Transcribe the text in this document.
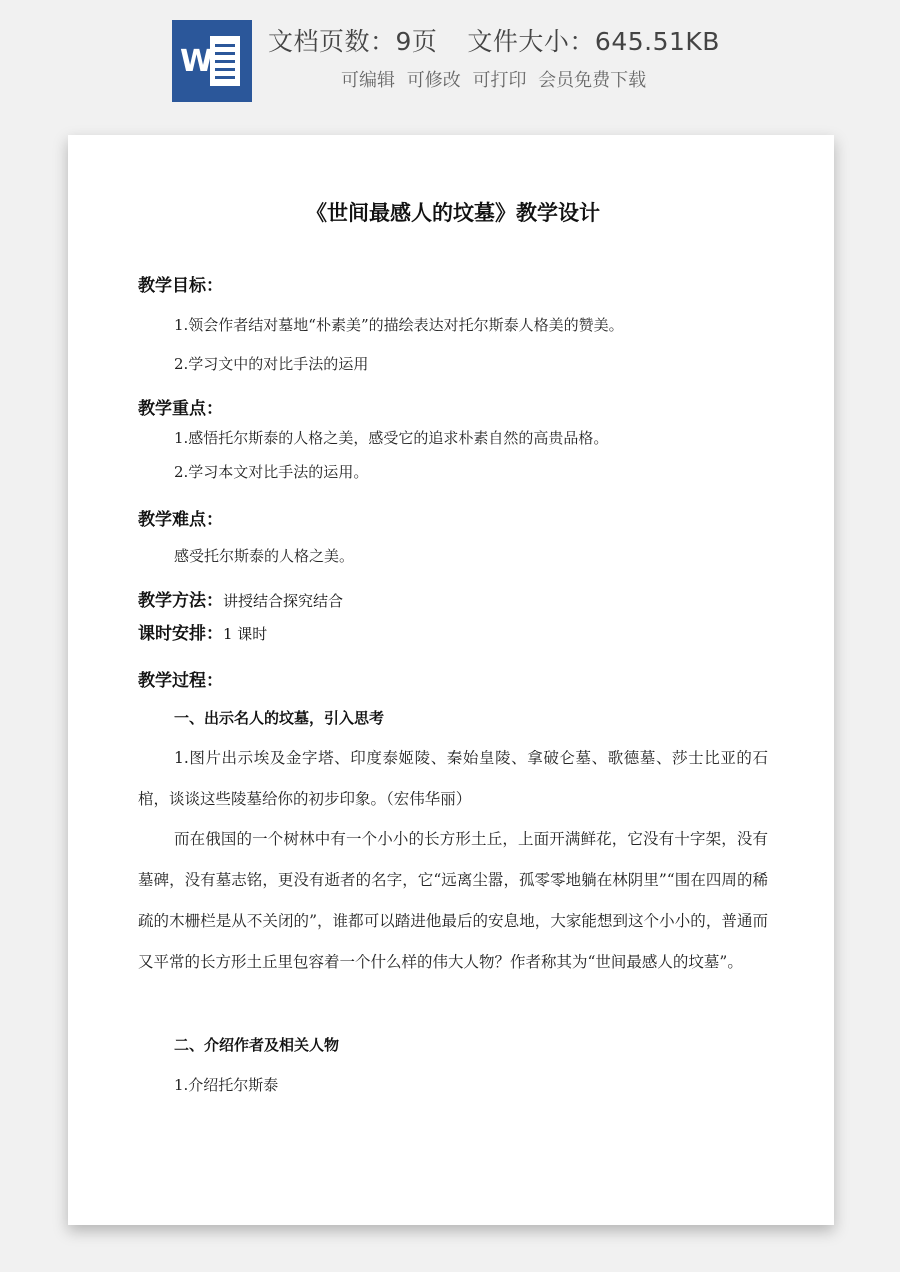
W
文档页数：9页 文件大小：645.51KB
可编辑 可修改 可打印 会员免费下载
《世间最感人的坟墓》教学设计
教学目标：
1.领会作者结对墓地“朴素美”的描绘表达对托尔斯泰人格美的赞美。
2.学习文中的对比手法的运用
教学重点：
1.感悟托尔斯泰的人格之美，感受它的追求朴素自然的高贵品格。
2.学习本文对比手法的运用。
教学难点：
感受托尔斯泰的人格之美。
教学方法：讲授结合探究结合
课时安排：1 课时
教学过程：
一、出示名人的坟墓，引入思考
1.图片出示埃及金字塔、印度泰姬陵、秦始皇陵、拿破仑墓、歌德墓、莎士比亚的石棺，谈谈这些陵墓给你的初步印象。（宏伟华丽）
而在俄国的一个树林中有一个小小的长方形土丘，上面开满鲜花，它没有十字架，没有墓碑，没有墓志铭，更没有逝者的名字，它“远离尘嚣，孤零零地躺在林阴里”“围在四周的稀疏的木栅栏是从不关闭的”，谁都可以踏进他最后的安息地，大家能想到这个小小的，普通而又平常的长方形土丘里包容着一个什么样的伟大人物？作者称其为“世间最感人的坟墓”。
二、介绍作者及相关人物
1.介绍托尔斯泰
